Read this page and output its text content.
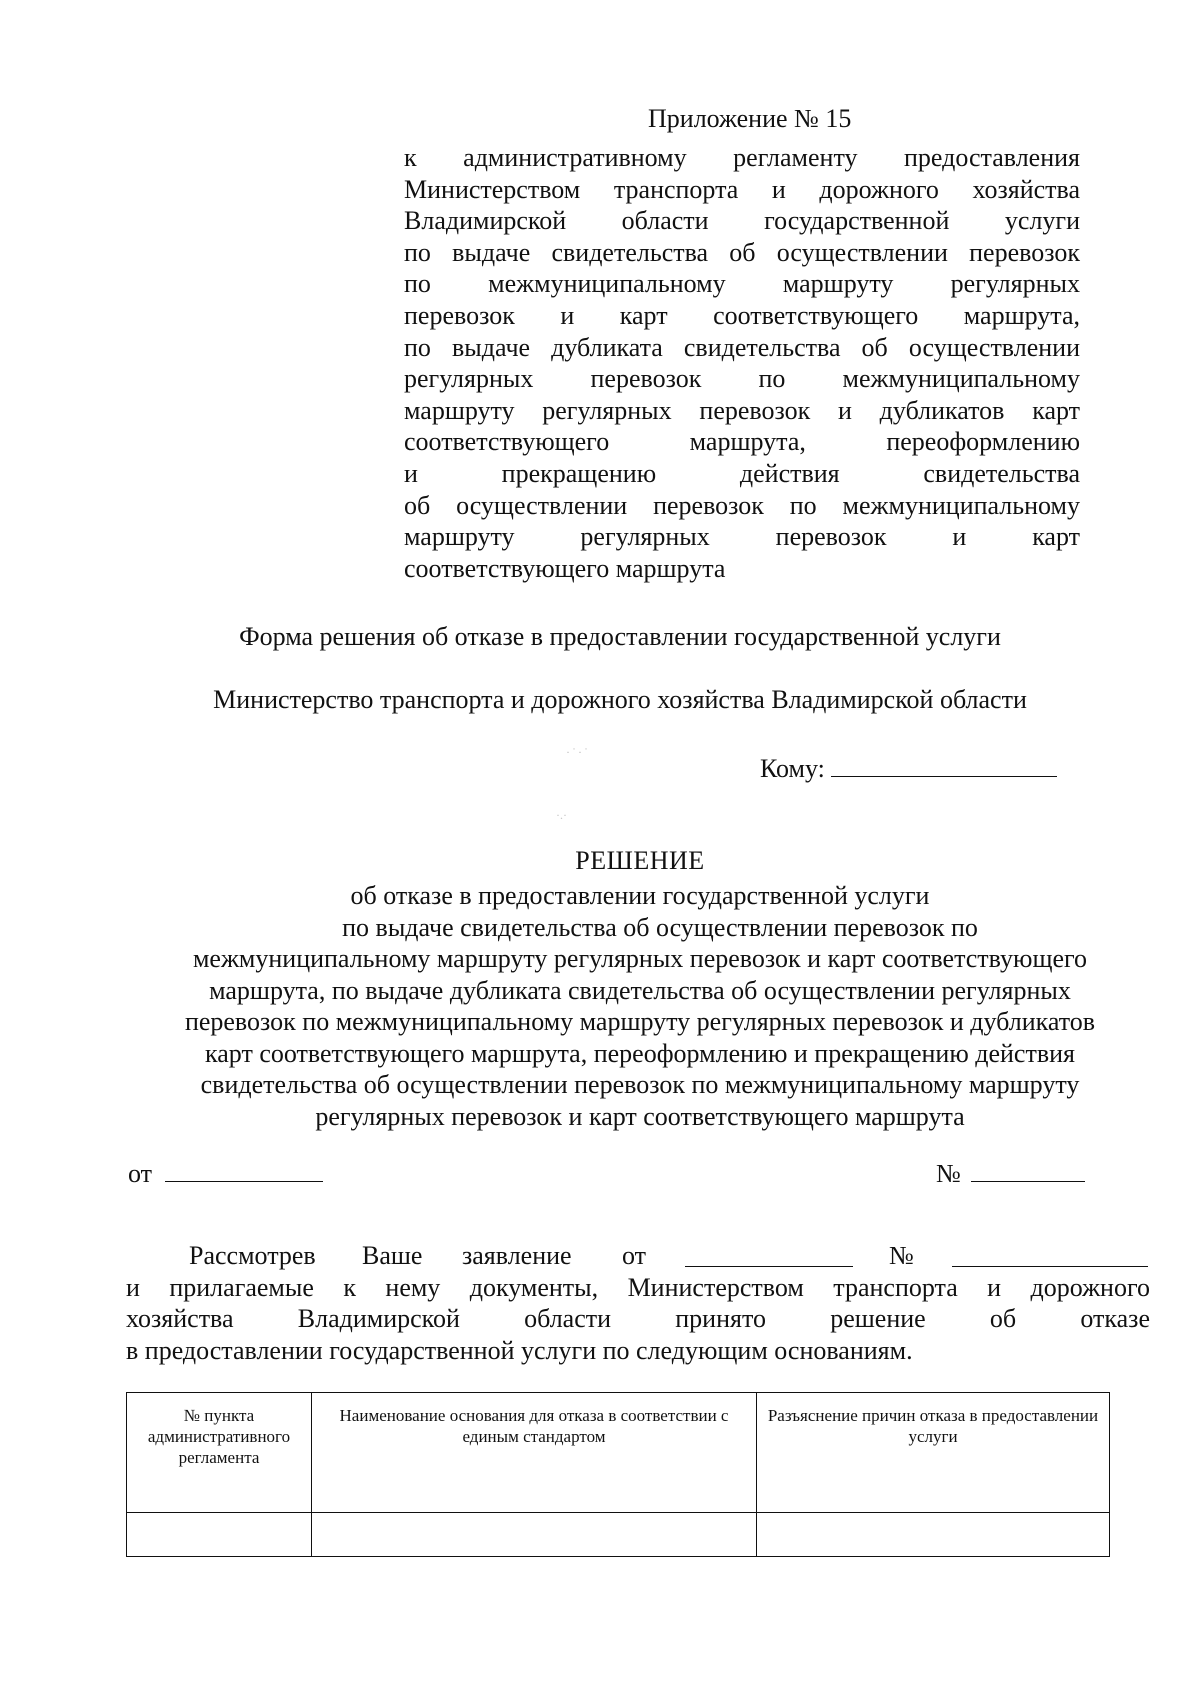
Приложение № 15
к административному регламенту предоставления
Министерством транспорта и дорожного хозяйства
Владимирской области государственной услуги
по выдаче свидетельства об осуществлении перевозок
по межмуниципальному маршруту регулярных
перевозок и карт соответствующего маршрута,
по выдаче дубликата свидетельства об осуществлении
регулярных перевозок по межмуниципальному
маршруту регулярных перевозок и дубликатов карт
соответствующего маршрута, переоформлению
и прекращению действия свидетельства
об осуществлении перевозок по межмуниципальному
маршруту регулярных перевозок и карт
соответствующего маршрута
Форма решения об отказе в предоставлении государственной услуги
Министерство транспорта и дорожного хозяйства Владимирской области
·˙·˙
·.·
Кому:
РЕШЕНИЕ
об отказе в предоставлении государственной услуги
по выдаче свидетельства об осуществлении перевозок по
межмуниципальному маршруту регулярных перевозок и карт соответствующего
маршрута, по выдаче дубликата свидетельства об осуществлении регулярных
перевозок по межмуниципальному маршруту регулярных перевозок и дубликатов
карт соответствующего маршрута, переоформлению и прекращению действия
свидетельства об осуществлении перевозок по межмуниципальному маршруту
регулярных перевозок и карт соответствующего маршрута
от	№
Рассмотрев Ваше заявление от	№
и прилагаемые к нему документы, Министерством транспорта и дорожного
хозяйства Владимирской области принято решение об отказе
в предоставлении государственной услуги по следующим основаниям.
№ пункта административного регламента	Наименование основания для отказа в соответствии с единым стандартом	Разъяснение причин отказа в предоставлении услуги
